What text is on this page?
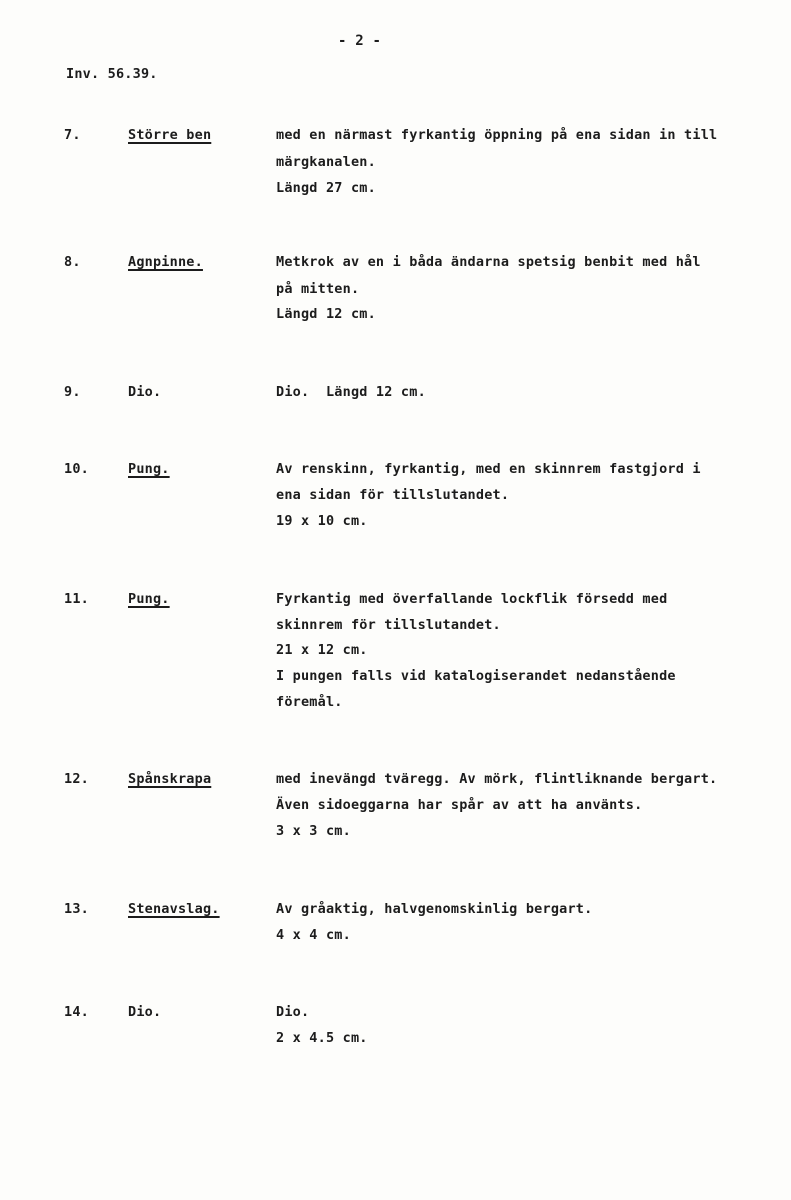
- 2 -
Inv. 56.39.
7.	Större ben	med en närmast fyrkantig öppning på ena sidan in till
märgkanalen.
Längd 27 cm.
8.	Agnpinne.	Metkrok av en i båda ändarna spetsig benbit med hål
på mitten.
Längd 12 cm.
9.	Dio.	Dio.  Längd 12 cm.
10.	Pung.	Av renskinn, fyrkantig, med en skinnrem fastgjord i
ena sidan för tillslutandet.
19 x 10 cm.
11.	Pung.	Fyrkantig med överfallande lockflik försedd med
skinnrem för tillslutandet.
21 x 12 cm.
I pungen falls vid katalogiserandet nedanstående
föremål.
12.	Spånskrapa	med inevängd tväregg. Av mörk, flintliknande bergart.
Även sidoeggarna har spår av att ha använts.
3 x 3 cm.
13.	Stenavslag.	Av gråaktig, halvgenomskinlig bergart.
4 x 4 cm.
14.	Dio.	Dio.
2 x 4.5 cm.
